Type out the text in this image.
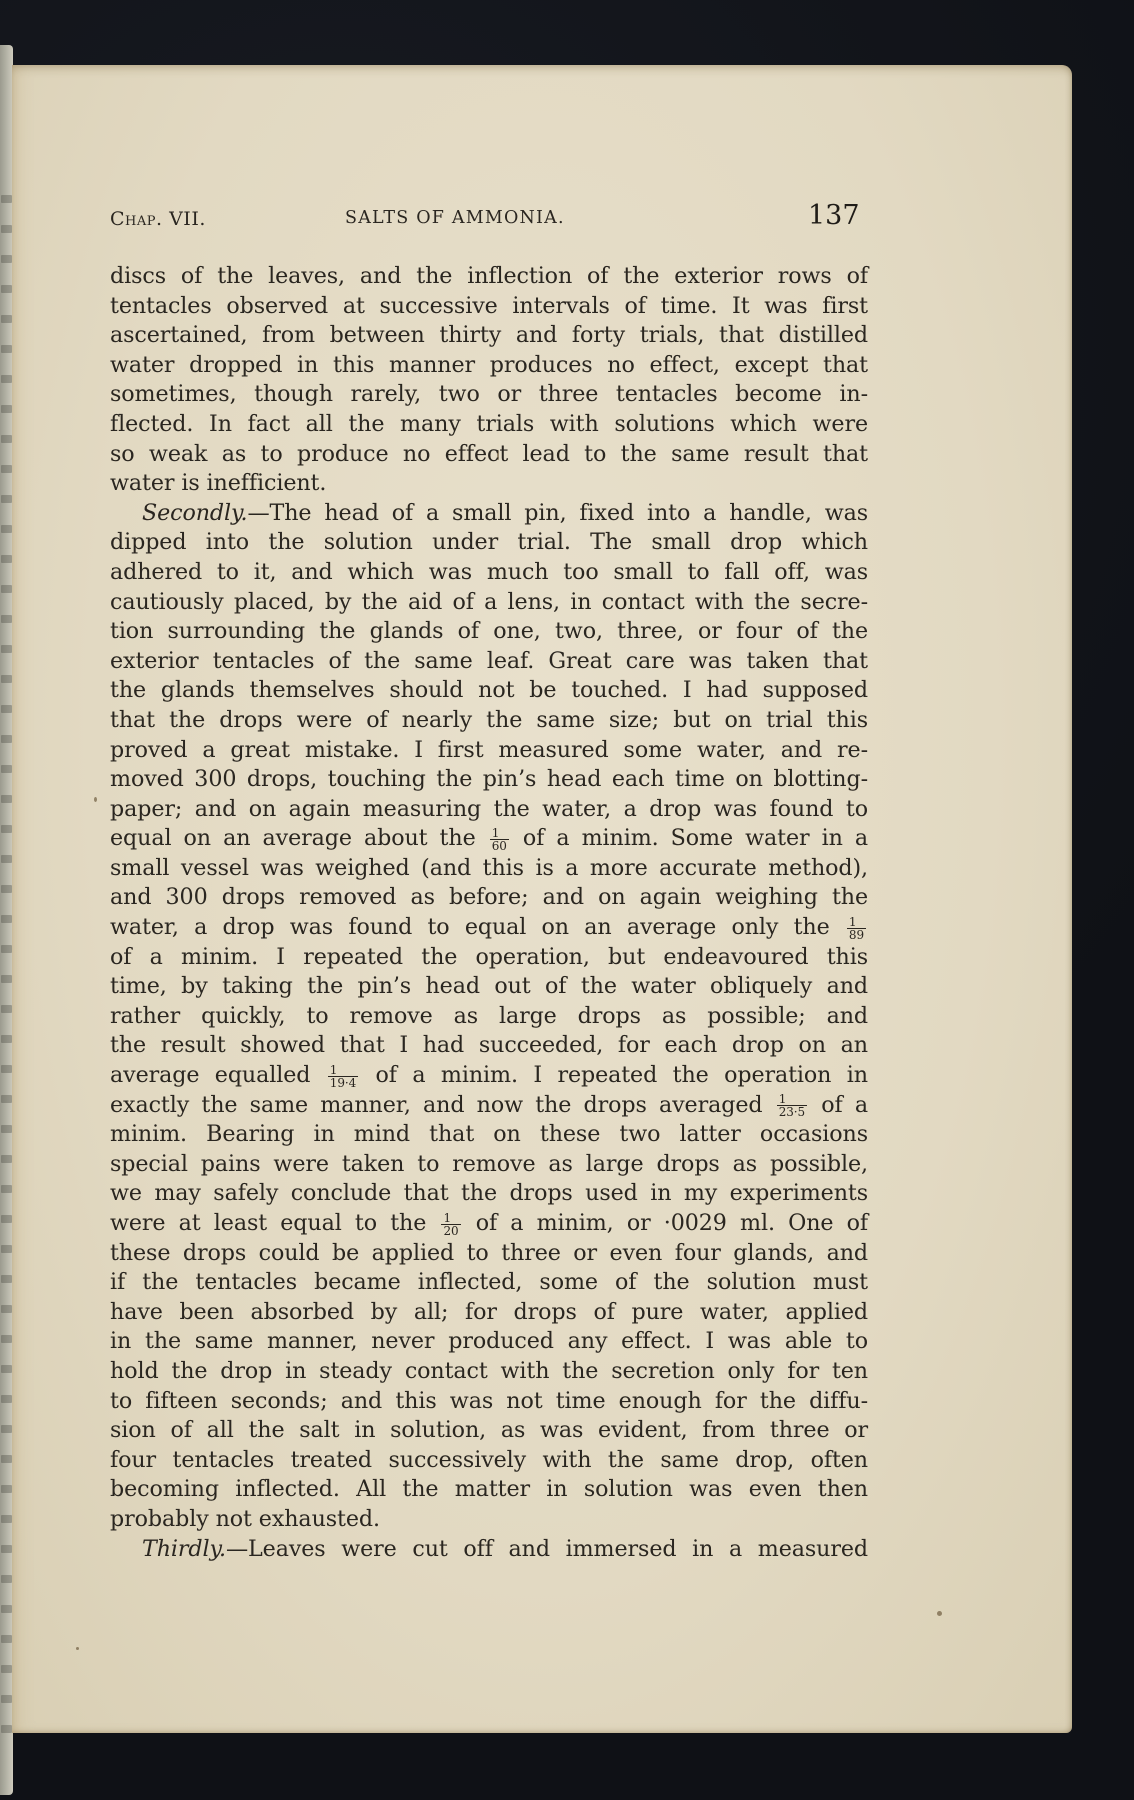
Chap. VII.	SALTS OF AMMONIA.	137
discs of the leaves, and the inflection of the exterior rows of
tentacles observed at successive intervals of time. It was first
ascertained, from between thirty and forty trials, that distilled
water dropped in this manner produces no effect, except that
sometimes, though rarely, two or three tentacles become in-
flected. In fact all the many trials with solutions which were
so weak as to produce no effect lead to the same result that
water is inefficient.
Secondly.—The head of a small pin, fixed into a handle, was
dipped into the solution under trial. The small drop which
adhered to it, and which was much too small to fall off, was
cautiously placed, by the aid of a lens, in contact with the secre-
tion surrounding the glands of one, two, three, or four of the
exterior tentacles of the same leaf. Great care was taken that
the glands themselves should not be touched. I had supposed
that the drops were of nearly the same size; but on trial this
proved a great mistake. I first measured some water, and re-
moved 300 drops, touching the pin’s head each time on blotting-
paper; and on again measuring the water, a drop was found to
equal on an average about the $\frac{1}{60}$ of a minim. Some water in a
small vessel was weighed (and this is a more accurate method),
and 300 drops removed as before; and on again weighing the
water, a drop was found to equal on an average only the $\frac{1}{89}$
of a minim. I repeated the operation, but endeavoured this
time, by taking the pin’s head out of the water obliquely and
rather quickly, to remove as large drops as possible; and
the result showed that I had succeeded, for each drop on an
average equalled $\frac{1}{19\cdot 4}$ of a minim. I repeated the operation in
exactly the same manner, and now the drops averaged $\frac{1}{23\cdot 5}$ of a
minim. Bearing in mind that on these two latter occasions
special pains were taken to remove as large drops as possible,
we may safely conclude that the drops used in my experiments
were at least equal to the $\frac{1}{20}$ of a minim, or ·0029 ml. One of
these drops could be applied to three or even four glands, and
if the tentacles became inflected, some of the solution must
have been absorbed by all; for drops of pure water, applied
in the same manner, never produced any effect. I was able to
hold the drop in steady contact with the secretion only for ten
to fifteen seconds; and this was not time enough for the diffu-
sion of all the salt in solution, as was evident, from three or
four tentacles treated successively with the same drop, often
becoming inflected. All the matter in solution was even then
probably not exhausted.
Thirdly.—Leaves were cut off and immersed in a measured
